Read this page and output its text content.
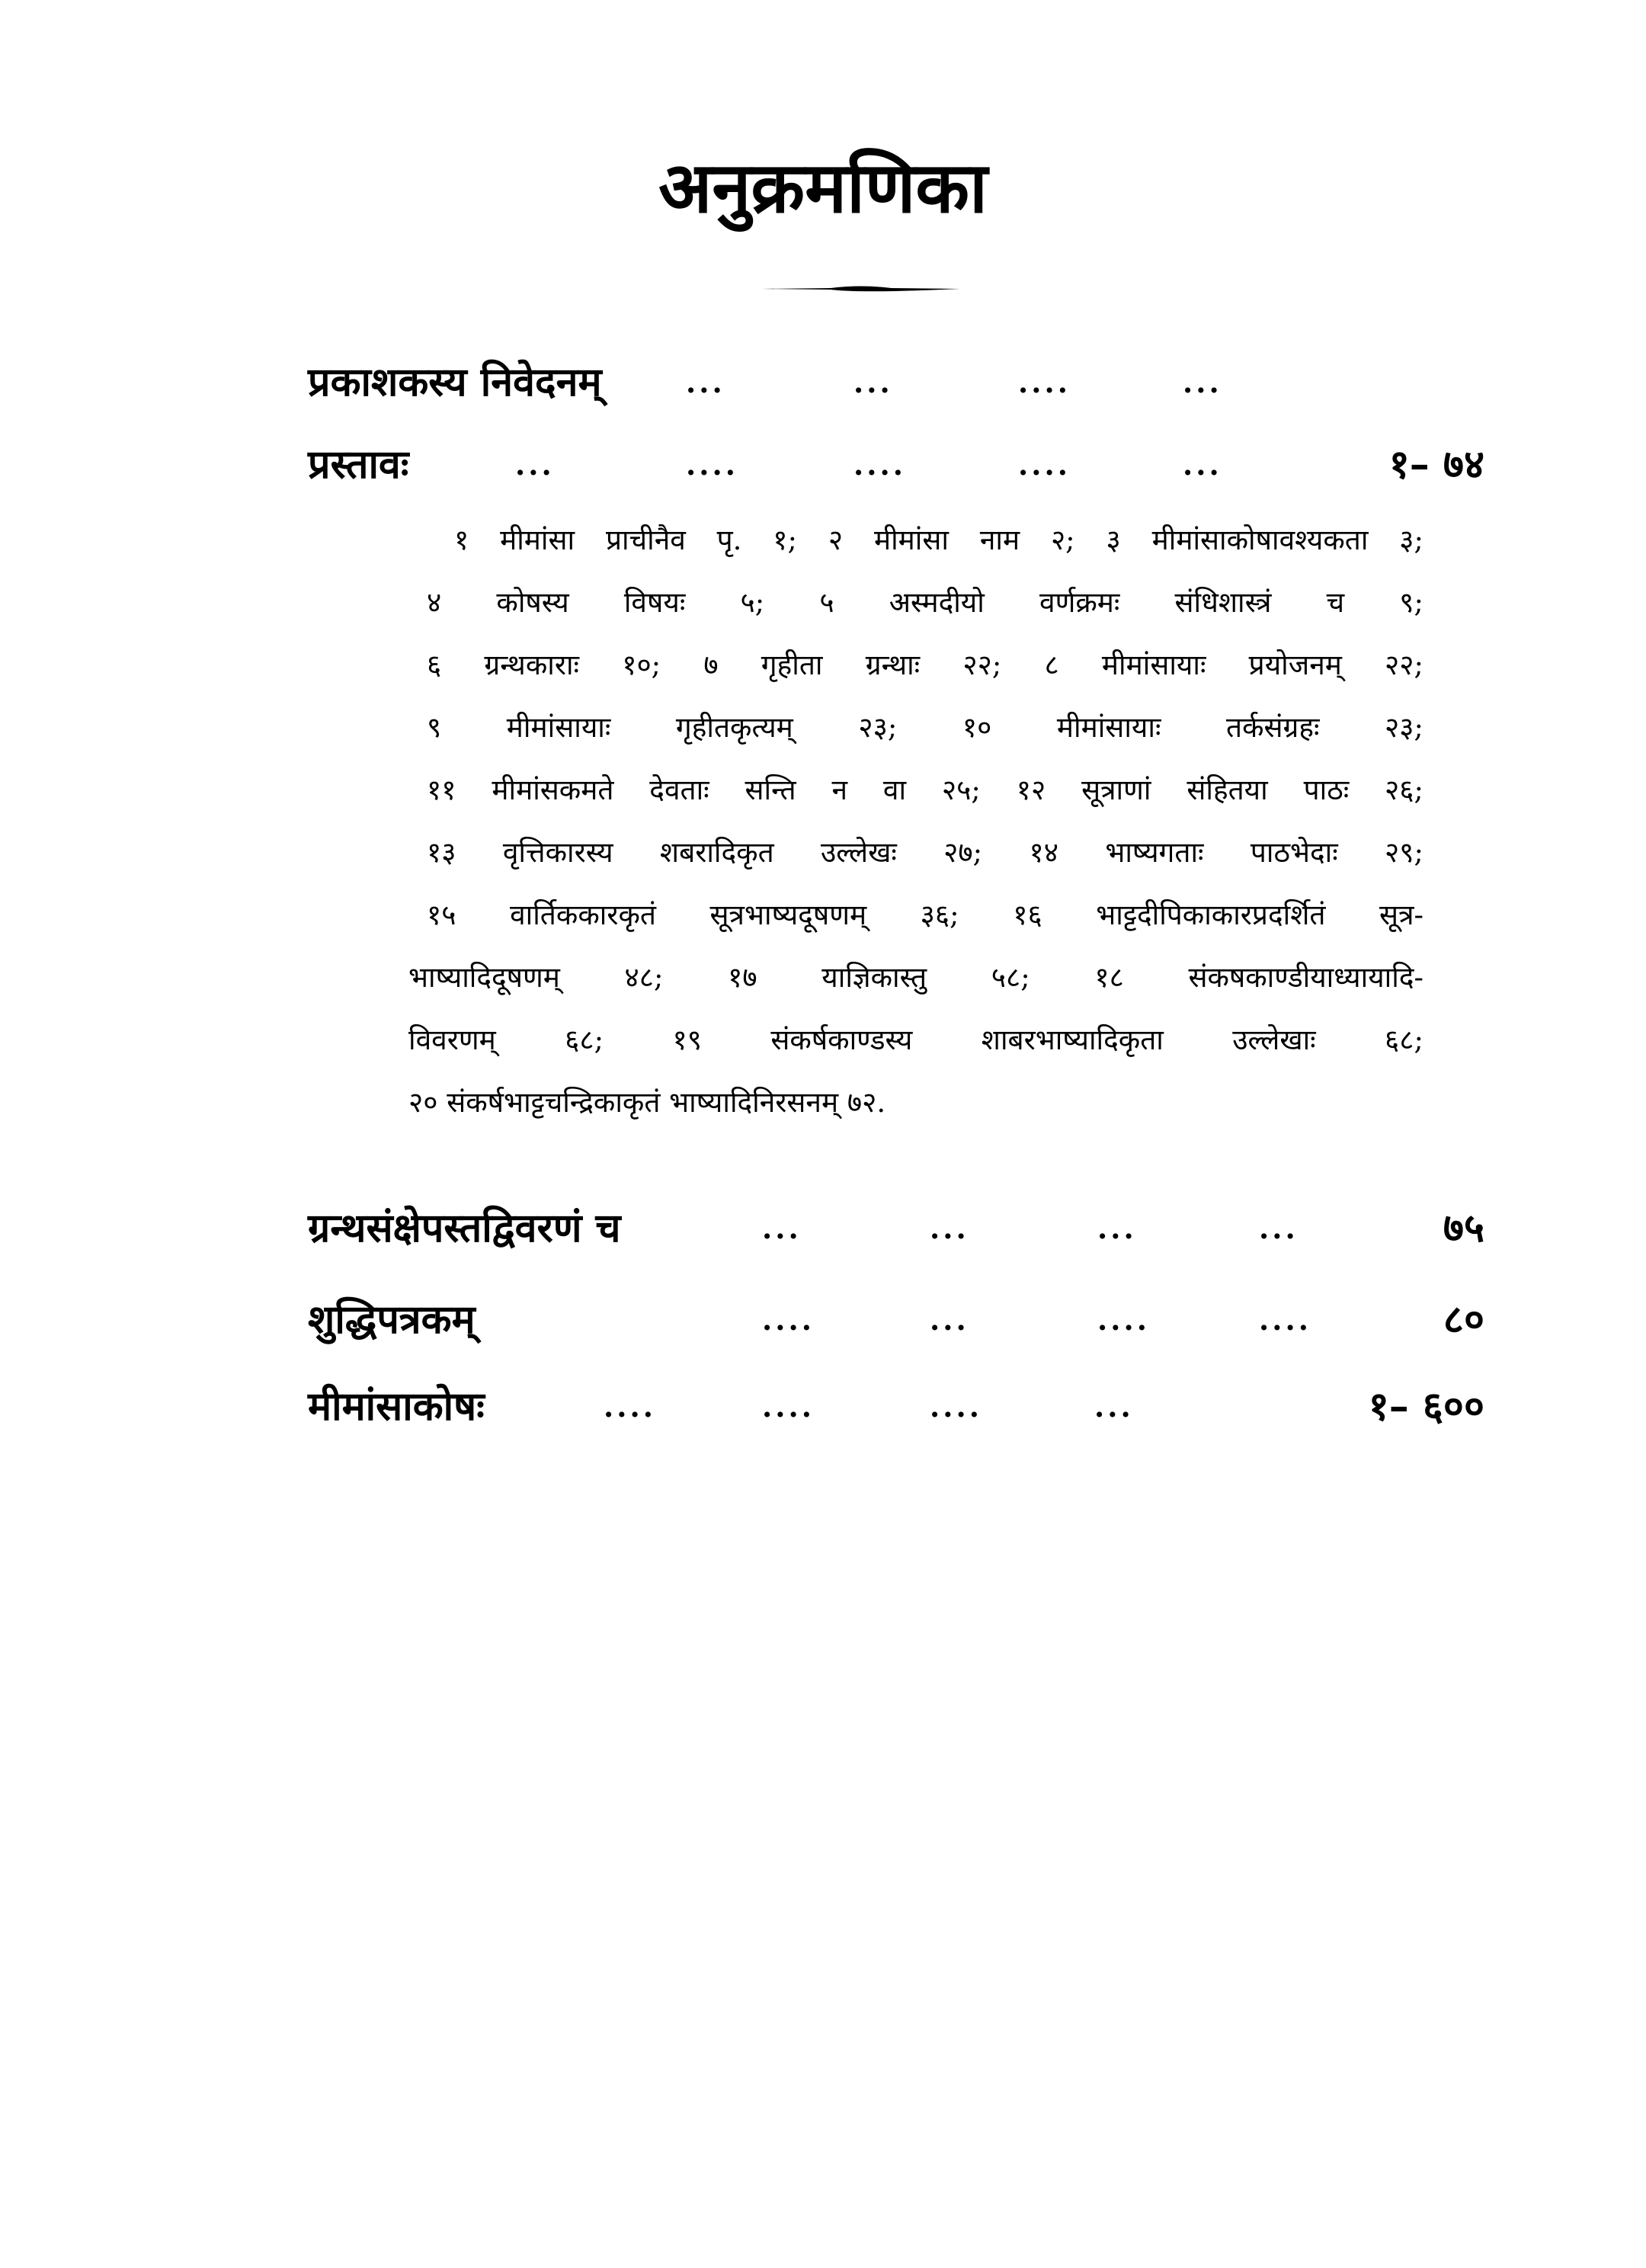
अनुक्रमणिका
प्रकाशकस्य निवेदनम्	...	...	....	...
प्रस्तावः	...	....	....	....	...	१– ७४
१ मीमांसा प्राचीनैव पृ. १; २ मीमांसा नाम २; ३ मीमांसाकोषावश्यकता ३;
४ कोषस्य विषयः ५; ५ अस्मदीयो वर्णक्रमः संधिशास्त्रं च ९;
६ ग्रन्थकाराः १०; ७ गृहीता ग्रन्थाः २२; ८ मीमांसायाः प्रयोजनम् २२;
९ मीमांसायाः गृहीतकृत्यम् २३; १० मीमांसायाः तर्कसंग्रहः २३;
११ मीमांसकमते देवताः सन्ति न वा २५; १२ सूत्राणां संहितया पाठः २६;
१३ वृत्तिकारस्य शबरादिकृत उल्लेखः २७; १४ भाष्यगताः पाठभेदाः २९;
१५ वार्तिककारकृतं सूत्रभाष्यदूषणम् ३६; १६ भाट्टदीपिकाकारप्रदर्शितं सूत्र-
भाष्यादिदूषणम् ४८; १७ याज्ञिकास्तु ५८; १८ संकषकाण्डीयाध्यायादि-
विवरणम् ६८; १९ संकर्षकाण्डस्य शाबरभाष्यादिकृता उल्लेखाः ६८;
२० संकर्षभाट्टचन्द्रिकाकृतं भाष्यादिनिरसनम् ७२.
ग्रन्थसंक्षेपस्तद्विवरणं च	...	...	...	...	७५
शुद्धिपत्रकम्	....	...	....	....	८०
मीमांसाकोषः	....	....	....	...	१– ६००
